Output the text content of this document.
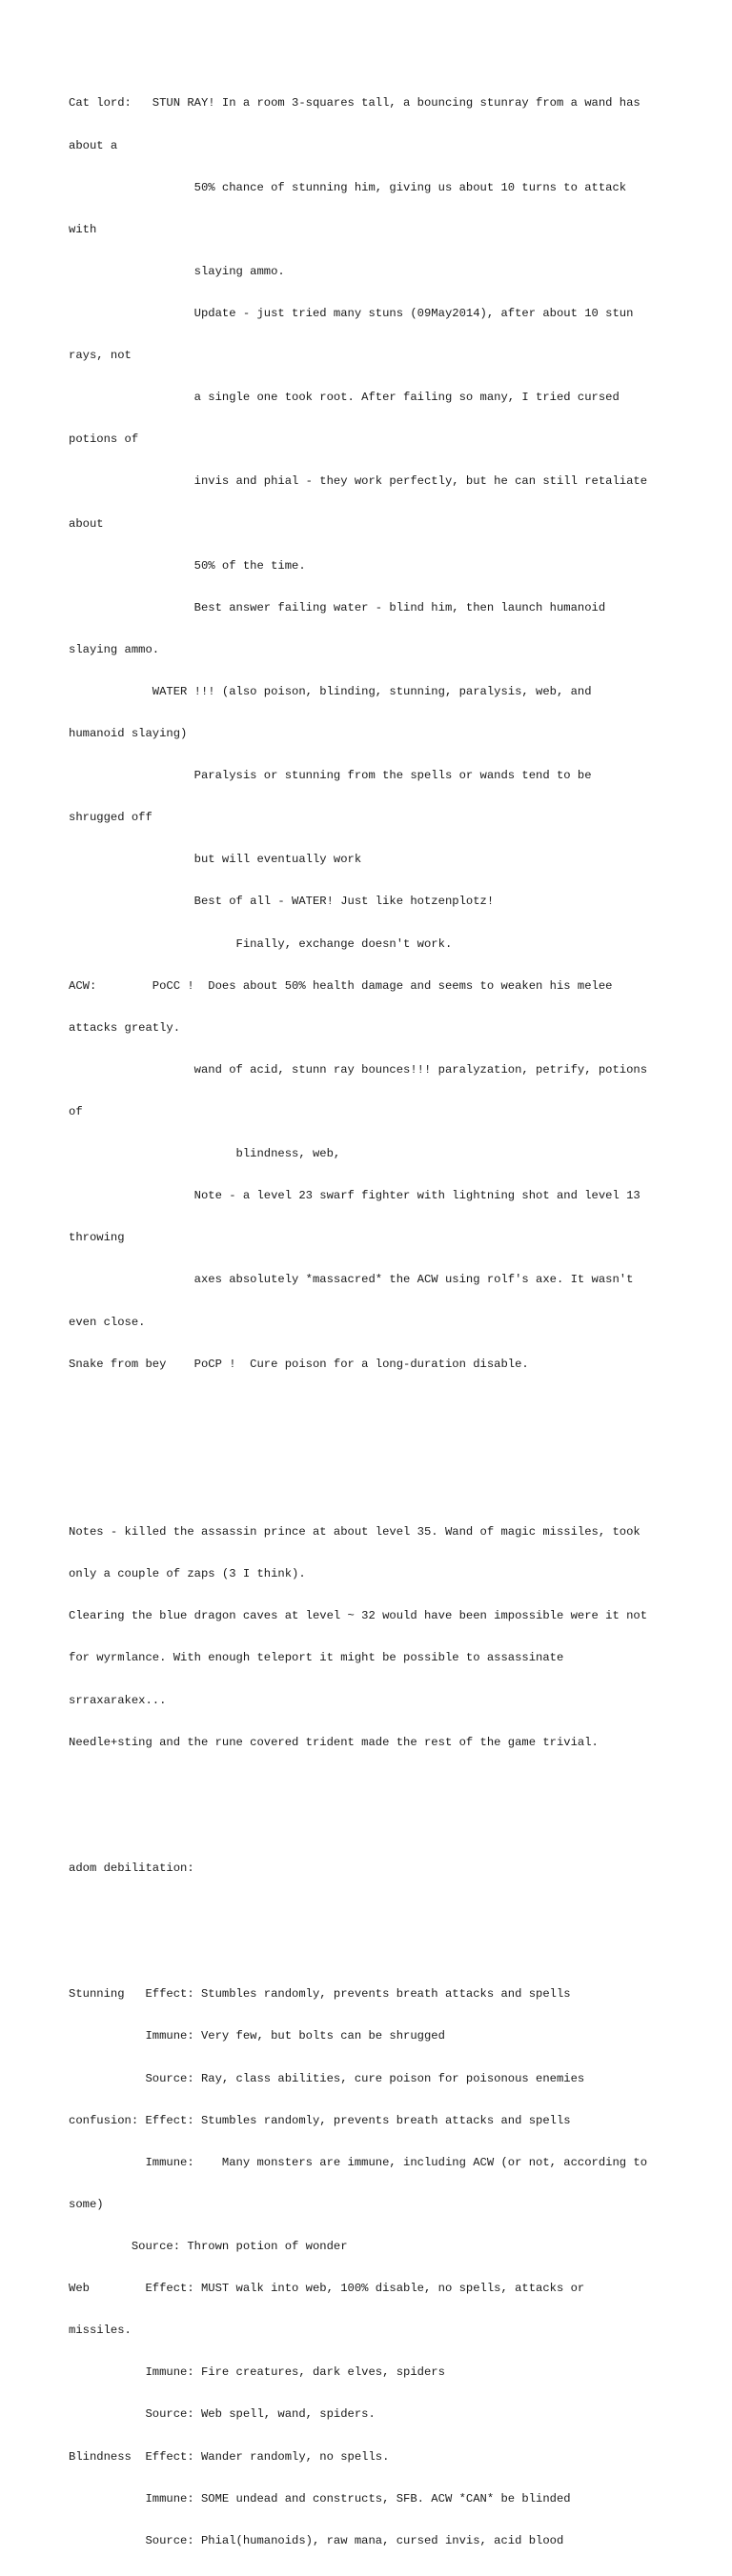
Cat lord:   STUN RAY! In a room 3-squares tall, a bouncing stunray from a wand has

about a

50% chance of stunning him, giving us about 10 turns to attack

with

slaying ammo.

Update - just tried many stuns (09May2014), after about 10 stun

rays, not

a single one took root. After failing so many, I tried cursed

potions of

invis and phial - they work perfectly, but he can still retaliate

about

50% of the time.

Best answer failing water - blind him, then launch humanoid

slaying ammo.

WATER !!! (also poison, blinding, stunning, paralysis, web, and

humanoid slaying)

Paralysis or stunning from the spells or wands tend to be

shrugged off

but will eventually work

Best of all - WATER! Just like hotzenplotz!

Finally, exchange doesn't work.

ACW:        PoCC !  Does about 50% health damage and seems to weaken his melee

attacks greatly.

wand of acid, stunn ray bounces!!! paralyzation, petrify, potions

of

blindness, web,

Note - a level 23 swarf fighter with lightning shot and level 13

throwing

axes absolutely *massacred* the ACW using rolf's axe. It wasn't

even close.

Snake from bey    PoCP !  Cure poison for a long-duration disable.

Notes - killed the assassin prince at about level 35. Wand of magic missiles, took

only a couple of zaps (3 I think).

Clearing the blue dragon caves at level ~ 32 would have been impossible were it not

for wyrmlance. With enough teleport it might be possible to assassinate

srraxarakex...

Needle+sting and the rune covered trident made the rest of the game trivial.

adom debilitation:

Stunning   Effect: Stumbles randomly, prevents breath attacks and spells

Immune: Very few, but bolts can be shrugged

Source: Ray, class abilities, cure poison for poisonous enemies

confusion: Effect: Stumbles randomly, prevents breath attacks and spells

Immune:    Many monsters are immune, including ACW (or not, according to

some)

Source: Thrown potion of wonder

Web        Effect: MUST walk into web, 100% disable, no spells, attacks or

missiles.

Immune: Fire creatures, dark elves, spiders

Source: Web spell, wand, spiders.

Blindness  Effect: Wander randomly, no spells.

Immune: SOME undead and constructs, SFB. ACW *CAN* be blinded

Source: Phial(humanoids), raw mana, cursed invis, acid blood
